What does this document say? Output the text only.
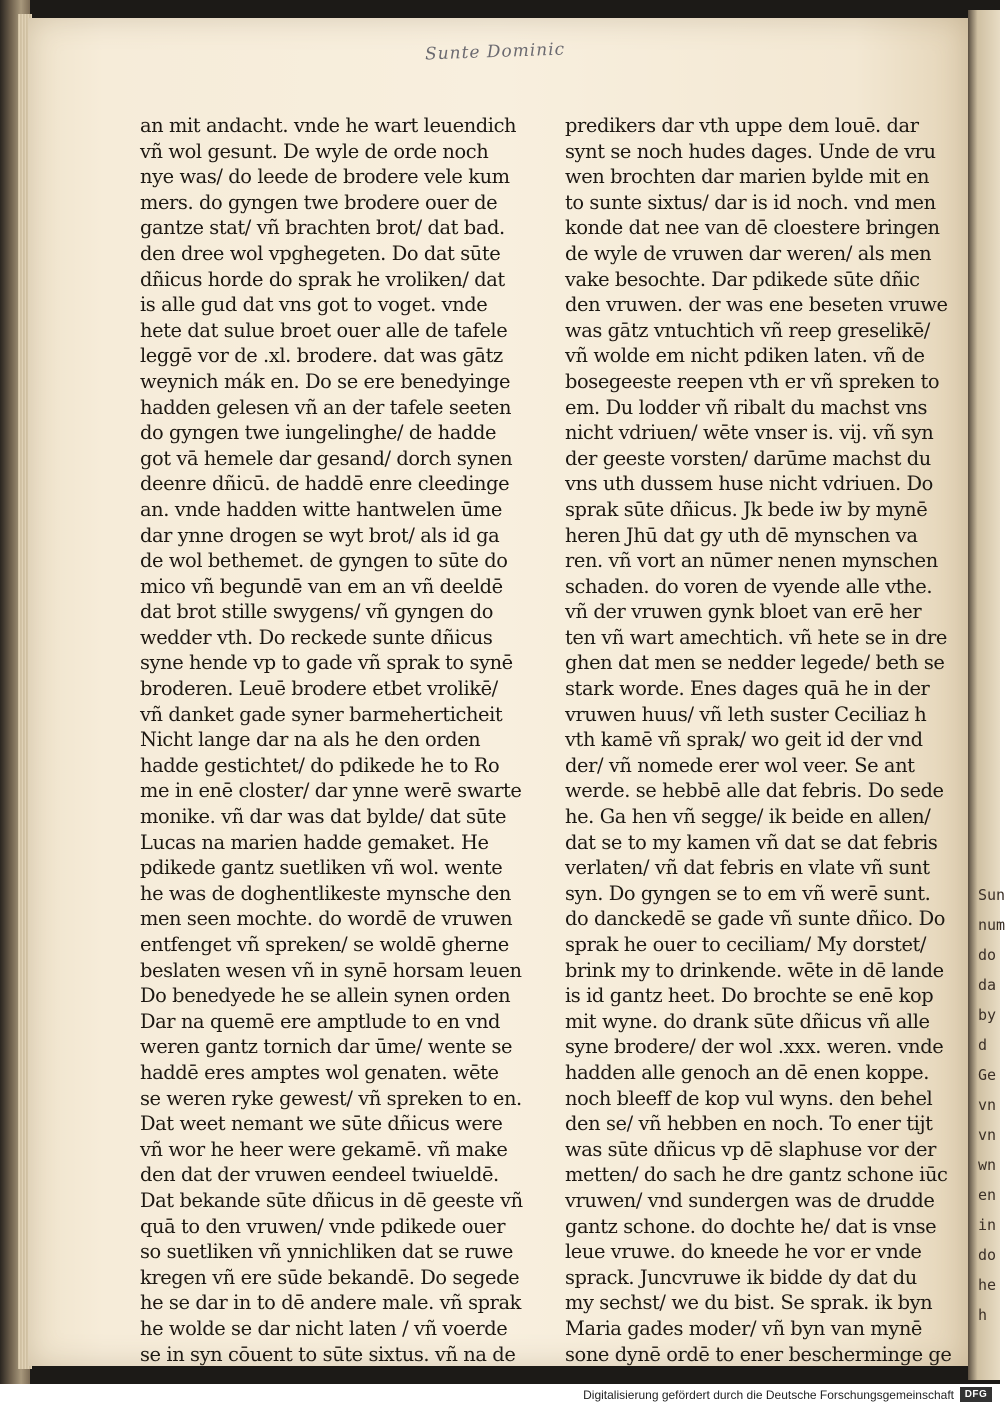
Sun
num
do
da
by
d
Ge
vn
vn
wn
en
in
do
he
h
Sunte Dominic
an mit andacht. vnde he wart leuendich
vñ wol gesunt. De wyle de orde noch
nye was/ do leede de brodere vele kum
mers. do gyngen twe brodere ouer de
gantze stat/ vñ brachten brot/ dat bad.
den dree wol vpghegeten. Do dat sūte
dñicus horde do sprak he vroliken/ dat
is alle gud dat vns got to voget. vnde
hete dat sulue broet ouer alle de tafele
leggē vor de .xl. brodere. dat was gātz
weynich mák en. Do se ere benedyinge
hadden gelesen vñ an der tafele seeten
do gyngen twe iungelinghe/ de hadde
got vā hemele dar gesand/ dorch synen
deenre dñicū. de haddē enre cleedinge
an. vnde hadden witte hantwelen ūme
dar ynne drogen se wyt brot/ als id ga
de wol bethemet. de gyngen to sūte do
mico vñ begundē van em an vñ deeldē
dat brot stille swygens/ vñ gyngen do
wedder vth. Do reckede sunte dñicus
syne hende vp to gade vñ sprak to synē
broderen. Leuē brodere etbet vrolikē/
vñ danket gade syner barmeherticheit
Nicht lange dar na als he den orden
hadde gestichtet/ do pdikede he to Ro
me in enē closter/ dar ynne werē swarte
monike. vñ dar was dat bylde/ dat sūte
Lucas na marien hadde gemaket. He
pdikede gantz suetliken vñ wol. wente
he was de doghentlikeste mynsche den
men seen mochte. do wordē de vruwen
entfenget vñ spreken/ se woldē gherne
beslaten wesen vñ in synē horsam leuen
Do benedyede he se allein synen orden
Dar na quemē ere amptlude to en vnd
weren gantz tornich dar ūme/ wente se
haddē eres amptes wol genaten. wēte
se weren ryke gewest/ vñ spreken to en.
Dat weet nemant we sūte dñicus were
vñ wor he heer were gekamē. vñ make
den dat der vruwen eendeel twiueldē.
Dat bekande sūte dñicus in dē geeste vñ
quā to den vruwen/ vnde pdikede ouer
so suetliken vñ ynnichliken dat se ruwe
kregen vñ ere sūde bekandē. Do segede
he se dar in to dē andere male. vñ sprak
he wolde se dar nicht laten / vñ voerde
se in syn cōuent to sūte sixtus. vñ na de
predikers dar vth uppe dem louē. dar
synt se noch hudes dages. Unde de vru
wen brochten dar marien bylde mit en
to sunte sixtus/ dar is id noch. vnd men
konde dat nee van dē cloestere bringen
de wyle de vruwen dar weren/ als men
vake besochte. Dar pdikede sūte dñic
den vruwen. der was ene beseten vruwe
was gātz vntuchtich vñ reep greselikē/
vñ wolde em nicht pdiken laten. vñ de
bosegeeste reepen vth er vñ spreken to
em. Du lodder vñ ribalt du machst vns
nicht vdriuen/ wēte vnser is. vij. vñ syn
der geeste vorsten/ darūme machst du
vns uth dussem huse nicht vdriuen. Do
sprak sūte dñicus. Jk bede iw by mynē
heren Jhū dat gy uth dē mynschen va
ren. vñ vort an nūmer nenen mynschen
schaden. do voren de vyende alle vthe.
vñ der vruwen gynk bloet van erē her
ten vñ wart amechtich. vñ hete se in dre
ghen dat men se nedder legede/ beth se
stark worde. Enes dages quā he in der
vruwen huus/ vñ leth suster Ceciliaz h
vth kamē vñ sprak/ wo geit id der vnd
der/ vñ nomede erer wol veer. Se ant
werde. se hebbē alle dat febris. Do sede
he. Ga hen vñ segge/ ik beide en allen/
dat se to my kamen vñ dat se dat febris
verlaten/ vñ dat febris en vlate vñ sunt
syn. Do gyngen se to em vñ werē sunt.
do danckedē se gade vñ sunte dñico. Do
sprak he ouer to ceciliam/ My dorstet/
brink my to drinkende. wēte in dē lande
is id gantz heet. Do brochte se enē kop
mit wyne. do drank sūte dñicus vñ alle
syne brodere/ der wol .xxx. weren. vnde
hadden alle genoch an dē enen koppe.
noch bleeff de kop vul wyns. den behel
den se/ vñ hebben en noch. To ener tijt
was sūte dñicus vp dē slaphuse vor der
metten/ do sach he dre gantz schone iūc
vruwen/ vnd sundergen was de drudde
gantz schone. do dochte he/ dat is vnse
leue vruwe. do kneede he vor er vnde
sprack. Juncvruwe ik bidde dy dat du
my sechst/ we du bist. Se sprak. ik byn
Maria gades moder/ vñ byn van mynē
sone dynē ordē to ener bescherminge ge
Digitalisierung gefördert durch die Deutsche Forschungsgemeinschaft	DFG
